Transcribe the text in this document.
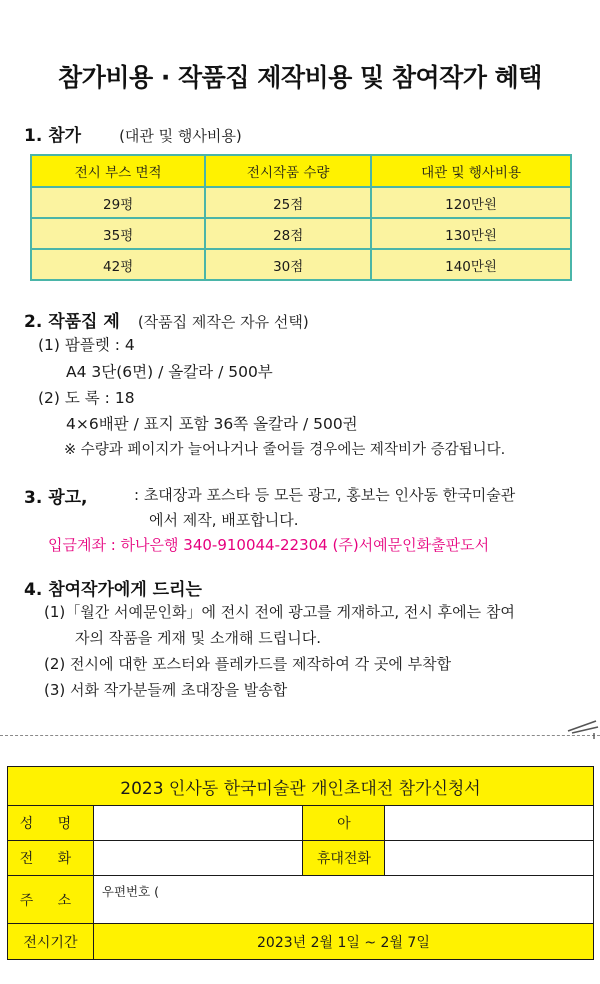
참가비용 · 작품집 제작비용 및 참여작가 혜택
1. 참가	(대관 및 행사비용)
전시 부스 면적	전시작품 수량	대관 및 행사비용
29평	25점	120만원
35평	28점	130만원
42평	30점	140만원
2. 작품집 제 (작품집 제작은 자유 선택)
(1) 팜플렛 : 4
A4 3단(6면) / 올칼라 / 500부
(2) 도 록 : 18
4×6배판 / 표지 포함 36쪽 올칼라 / 500권
※ 수량과 페이지가 늘어나거나 줄어들 경우에는 제작비가 증감됩니다.
3. 광고,	: 초대장과 포스타 등 모든 광고, 홍보는 인사동 한국미술관
에서 제작, 배포합니다.
입금계좌 : 하나은행 340-910044-22304 (주)서예문인화출판도서
4. 참여작가에게 드리는
(1)「월간 서예문인화」에 전시 전에 광고를 게재하고, 전시 후에는 참여
자의 작품을 게재 및 소개해 드립니다.
(2) 전시에 대한 포스터와 플레카드를 제작하여 각 곳에 부착합
(3) 서화 작가분들께 초대장을 발송합
2023 인사동 한국미술관 개인초대전 참가신청서			
성 명		아	
전 화		휴대전화	
주 소	우편번호 (		
전시기간	2023년 2월 1일 ~ 2월 7일		
